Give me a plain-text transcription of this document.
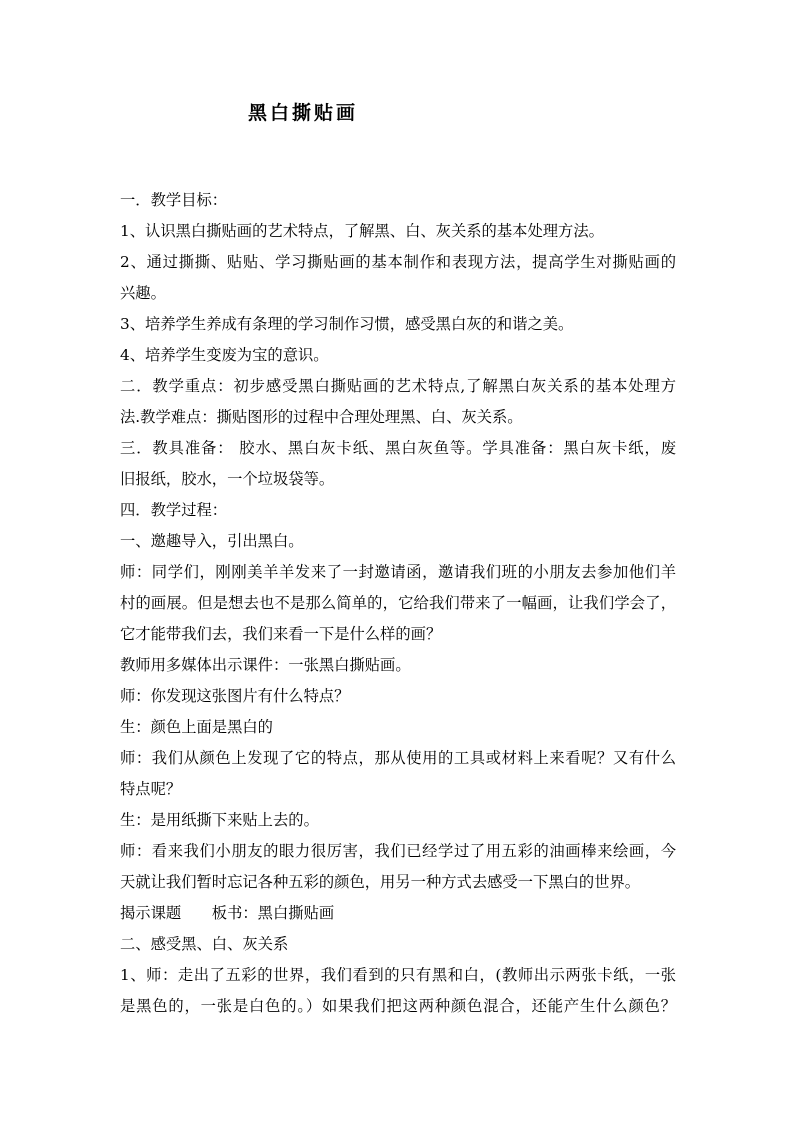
黑白撕贴画
一．教学目标：
1、认识黑白撕贴画的艺术特点，了解黑、白、灰关系的基本处理方法。
2、通过撕撕、贴贴、学习撕贴画的基本制作和表现方法，提高学生对撕贴画的
兴趣。
3、培养学生养成有条理的学习制作习惯，感受黑白灰的和谐之美。
4、培养学生变废为宝的意识。
二．教学重点：初步感受黑白撕贴画的艺术特点,了解黑白灰关系的基本处理方
法.教学难点：撕贴图形的过程中合理处理黑、白、灰关系。
三．教具准备： 胶水、黑白灰卡纸、黑白灰鱼等。学具准备：黑白灰卡纸，废
旧报纸，胶水，一个垃圾袋等。
四．教学过程：
一、邀趣导入，引出黑白。
师：同学们，刚刚美羊羊发来了一封邀请函，邀请我们班的小朋友去参加他们羊
村的画展。但是想去也不是那么简单的，它给我们带来了一幅画，让我们学会了，
它才能带我们去，我们来看一下是什么样的画？
教师用多媒体出示课件：一张黑白撕贴画。
师：你发现这张图片有什么特点？
生：颜色上面是黑白的
师：我们从颜色上发现了它的特点，那从使用的工具或材料上来看呢？又有什么
特点呢？
生：是用纸撕下来贴上去的。
师：看来我们小朋友的眼力很厉害，我们已经学过了用五彩的油画棒来绘画，今
天就让我们暂时忘记各种五彩的颜色，用另一种方式去感受一下黑白的世界。
揭示课题　　板书：黑白撕贴画
二、感受黑、白、灰关系
1、师：走出了五彩的世界，我们看到的只有黑和白，(教师出示两张卡纸，一张
是黑色的，一张是白色的。）如果我们把这两种颜色混合，还能产生什么颜色？
